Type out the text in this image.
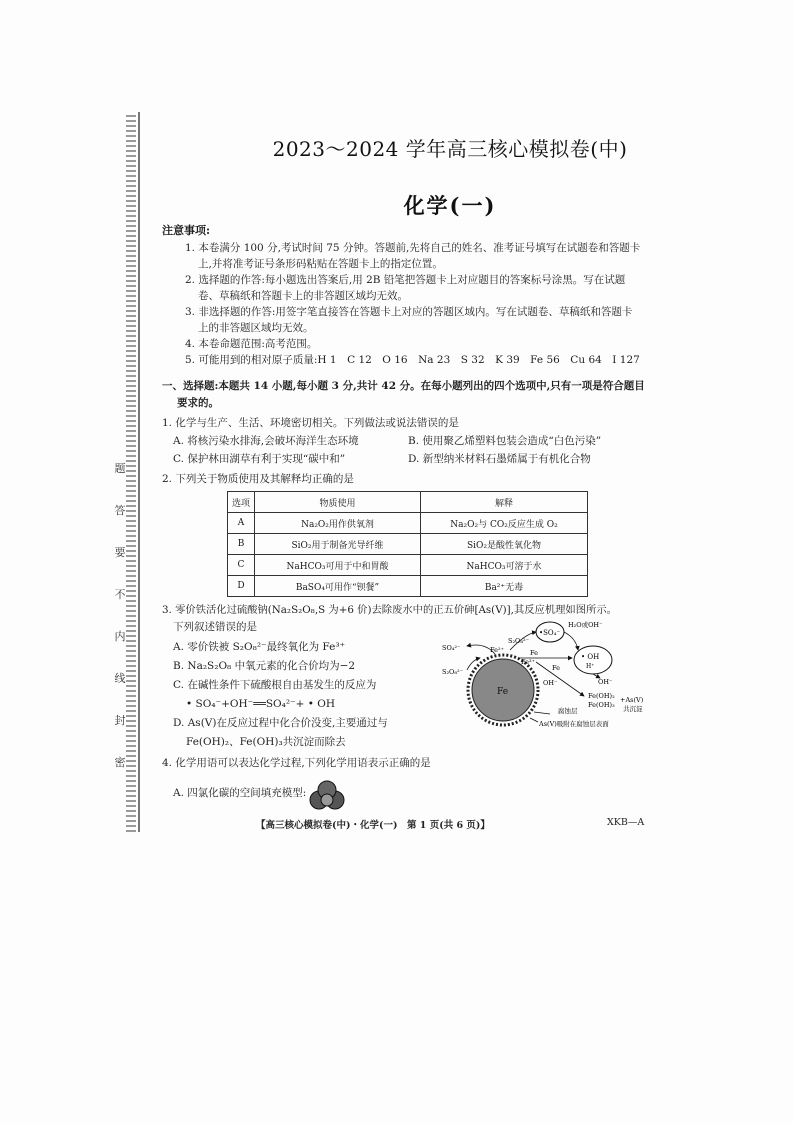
题
答
要
不
内
线
封
密
2023～2024 学年高三核心模拟卷(中)
化学(一)
注意事项:
1. 本卷满分 100 分,考试时间 75 分钟。答题前,先将自己的姓名、准考证号填写在试题卷和答题卡
上,并将准考证号条形码粘贴在答题卡上的指定位置。
2. 选择题的作答:每小题选出答案后,用 2B 铅笔把答题卡上对应题目的答案标号涂黑。写在试题
卷、草稿纸和答题卡上的非答题区域均无效。
3. 非选择题的作答:用签字笔直接答在答题卡上对应的答题区域内。写在试题卷、草稿纸和答题卡
上的非答题区域均无效。
4. 本卷命题范围:高考范围。
5. 可能用到的相对原子质量:H 1　C 12　O 16　Na 23　S 32　K 39　Fe 56　Cu 64　I 127
一、选择题:本题共 14 小题,每小题 3 分,共计 42 分。在每小题列出的四个选项中,只有一项是符合题目
要求的。
1. 化学与生产、生活、环境密切相关。下列做法或说法错误的是
A. 将核污染水排海,会破坏海洋生态环境	B. 使用聚乙烯塑料包装会造成“白色污染”
C. 保护林田湖草有利于实现“碳中和”	D. 新型纳米材料石墨烯属于有机化合物
2. 下列关于物质使用及其解释均正确的是
选项	物质使用	解释
A	Na₂O₂用作供氧剂	Na₂O₂与 CO₂反应生成 O₂
B	SiO₂用于制备光导纤维	SiO₂是酸性氧化物
C	NaHCO₃可用于中和胃酸	NaHCO₃可溶于水
D	BaSO₄可用作“钡餐”	Ba²⁺无毒
3. 零价铁活化过硫酸钠(Na₂S₂O₈,S 为+6 价)去除废水中的正五价砷[As(Ⅴ)],其反应机理如图所示。
下列叙述错误的是
A. 零价铁被 S₂O₈²⁻最终氧化为 Fe³⁺
B. Na₂S₂O₈ 中氧元素的化合价均为−2
C. 在碱性条件下硫酸根自由基发生的反应为
• SO₄⁻+OH⁻══SO₄²⁻+ • OH
D. As(Ⅴ)在反应过程中化合价没变,主要通过与
Fe(OH)₂、Fe(OH)₃共沉淀而除去
Fe
•SO₄⁻
• OH
H⁺
H₂O或OH⁻
S₂O₈²⁻
Fe²⁺	Fe
Fe³⁺
Fe
SO₄²⁻
S₂O₈²⁻
OH⁻
OH⁻
Fe(OH)₂
Fe(OH)₃
+As(V)
共沉淀
腐蚀层
As(V)吸附在腐蚀层表面
4. 化学用语可以表达化学过程,下列化学用语表示正确的是
A. 四氯化碳的空间填充模型:
【高三核心模拟卷(中)・化学(一)　第 1 页(共 6 页)】	XKB—A
